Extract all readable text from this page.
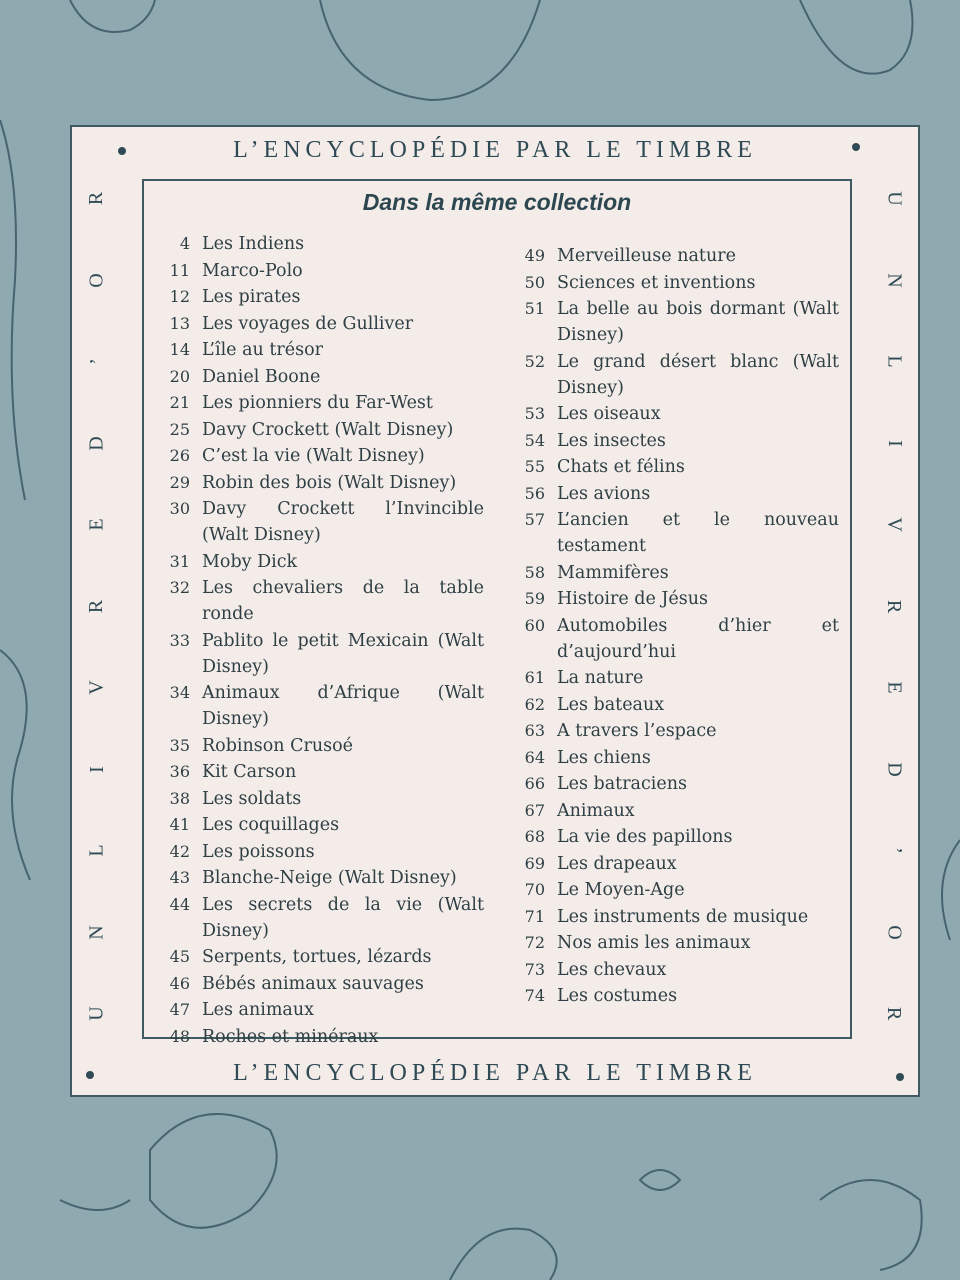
L’ENCYCLOPÉDIE PAR LE TIMBRE
L’ENCYCLOPÉDIE PAR LE TIMBRE
U
N
L
I
V
R
E
D
’
O
R	U
N
L
I
V
R
E
D
’
O
R
Dans la même collection
4 Les Indiens
11 Marco-Polo
12 Les pirates
13 Les voyages de Gulliver
14 L’île au trésor
20 Daniel Boone
21 Les pionniers du Far-West
25 Davy Crockett (Walt Disney)
26 C’est la vie (Walt Disney)
29 Robin des bois (Walt Disney)
30 Davy Crockett l’Invincible (Walt Disney)
31 Moby Dick
32 Les chevaliers de la table ronde
33 Pablito le petit Mexicain (Walt Disney)
34 Animaux d’Afrique (Walt Disney)
35 Robinson Crusoé
36 Kit Carson
38 Les soldats
41 Les coquillages
42 Les poissons
43 Blanche-Neige (Walt Disney)
44 Les secrets de la vie (Walt Disney)
45 Serpents, tortues, lézards
46 Bébés animaux sauvages
47 Les animaux
48 Roches et minéraux
49 Merveilleuse nature
50 Sciences et inventions
51 La belle au bois dormant (Walt Disney)
52 Le grand désert blanc (Walt Disney)
53 Les oiseaux
54 Les insectes
55 Chats et félins
56 Les avions
57 L’ancien et le nouveau testament
58 Mammifères
59 Histoire de Jésus
60 Automobiles d’hier et d’aujourd’hui
61 La nature
62 Les bateaux
63 A travers l’espace
64 Les chiens
66 Les batraciens
67 Animaux
68 La vie des papillons
69 Les drapeaux
70 Le Moyen-Age
71 Les instruments de musique
72 Nos amis les animaux
73 Les chevaux
74 Les costumes
